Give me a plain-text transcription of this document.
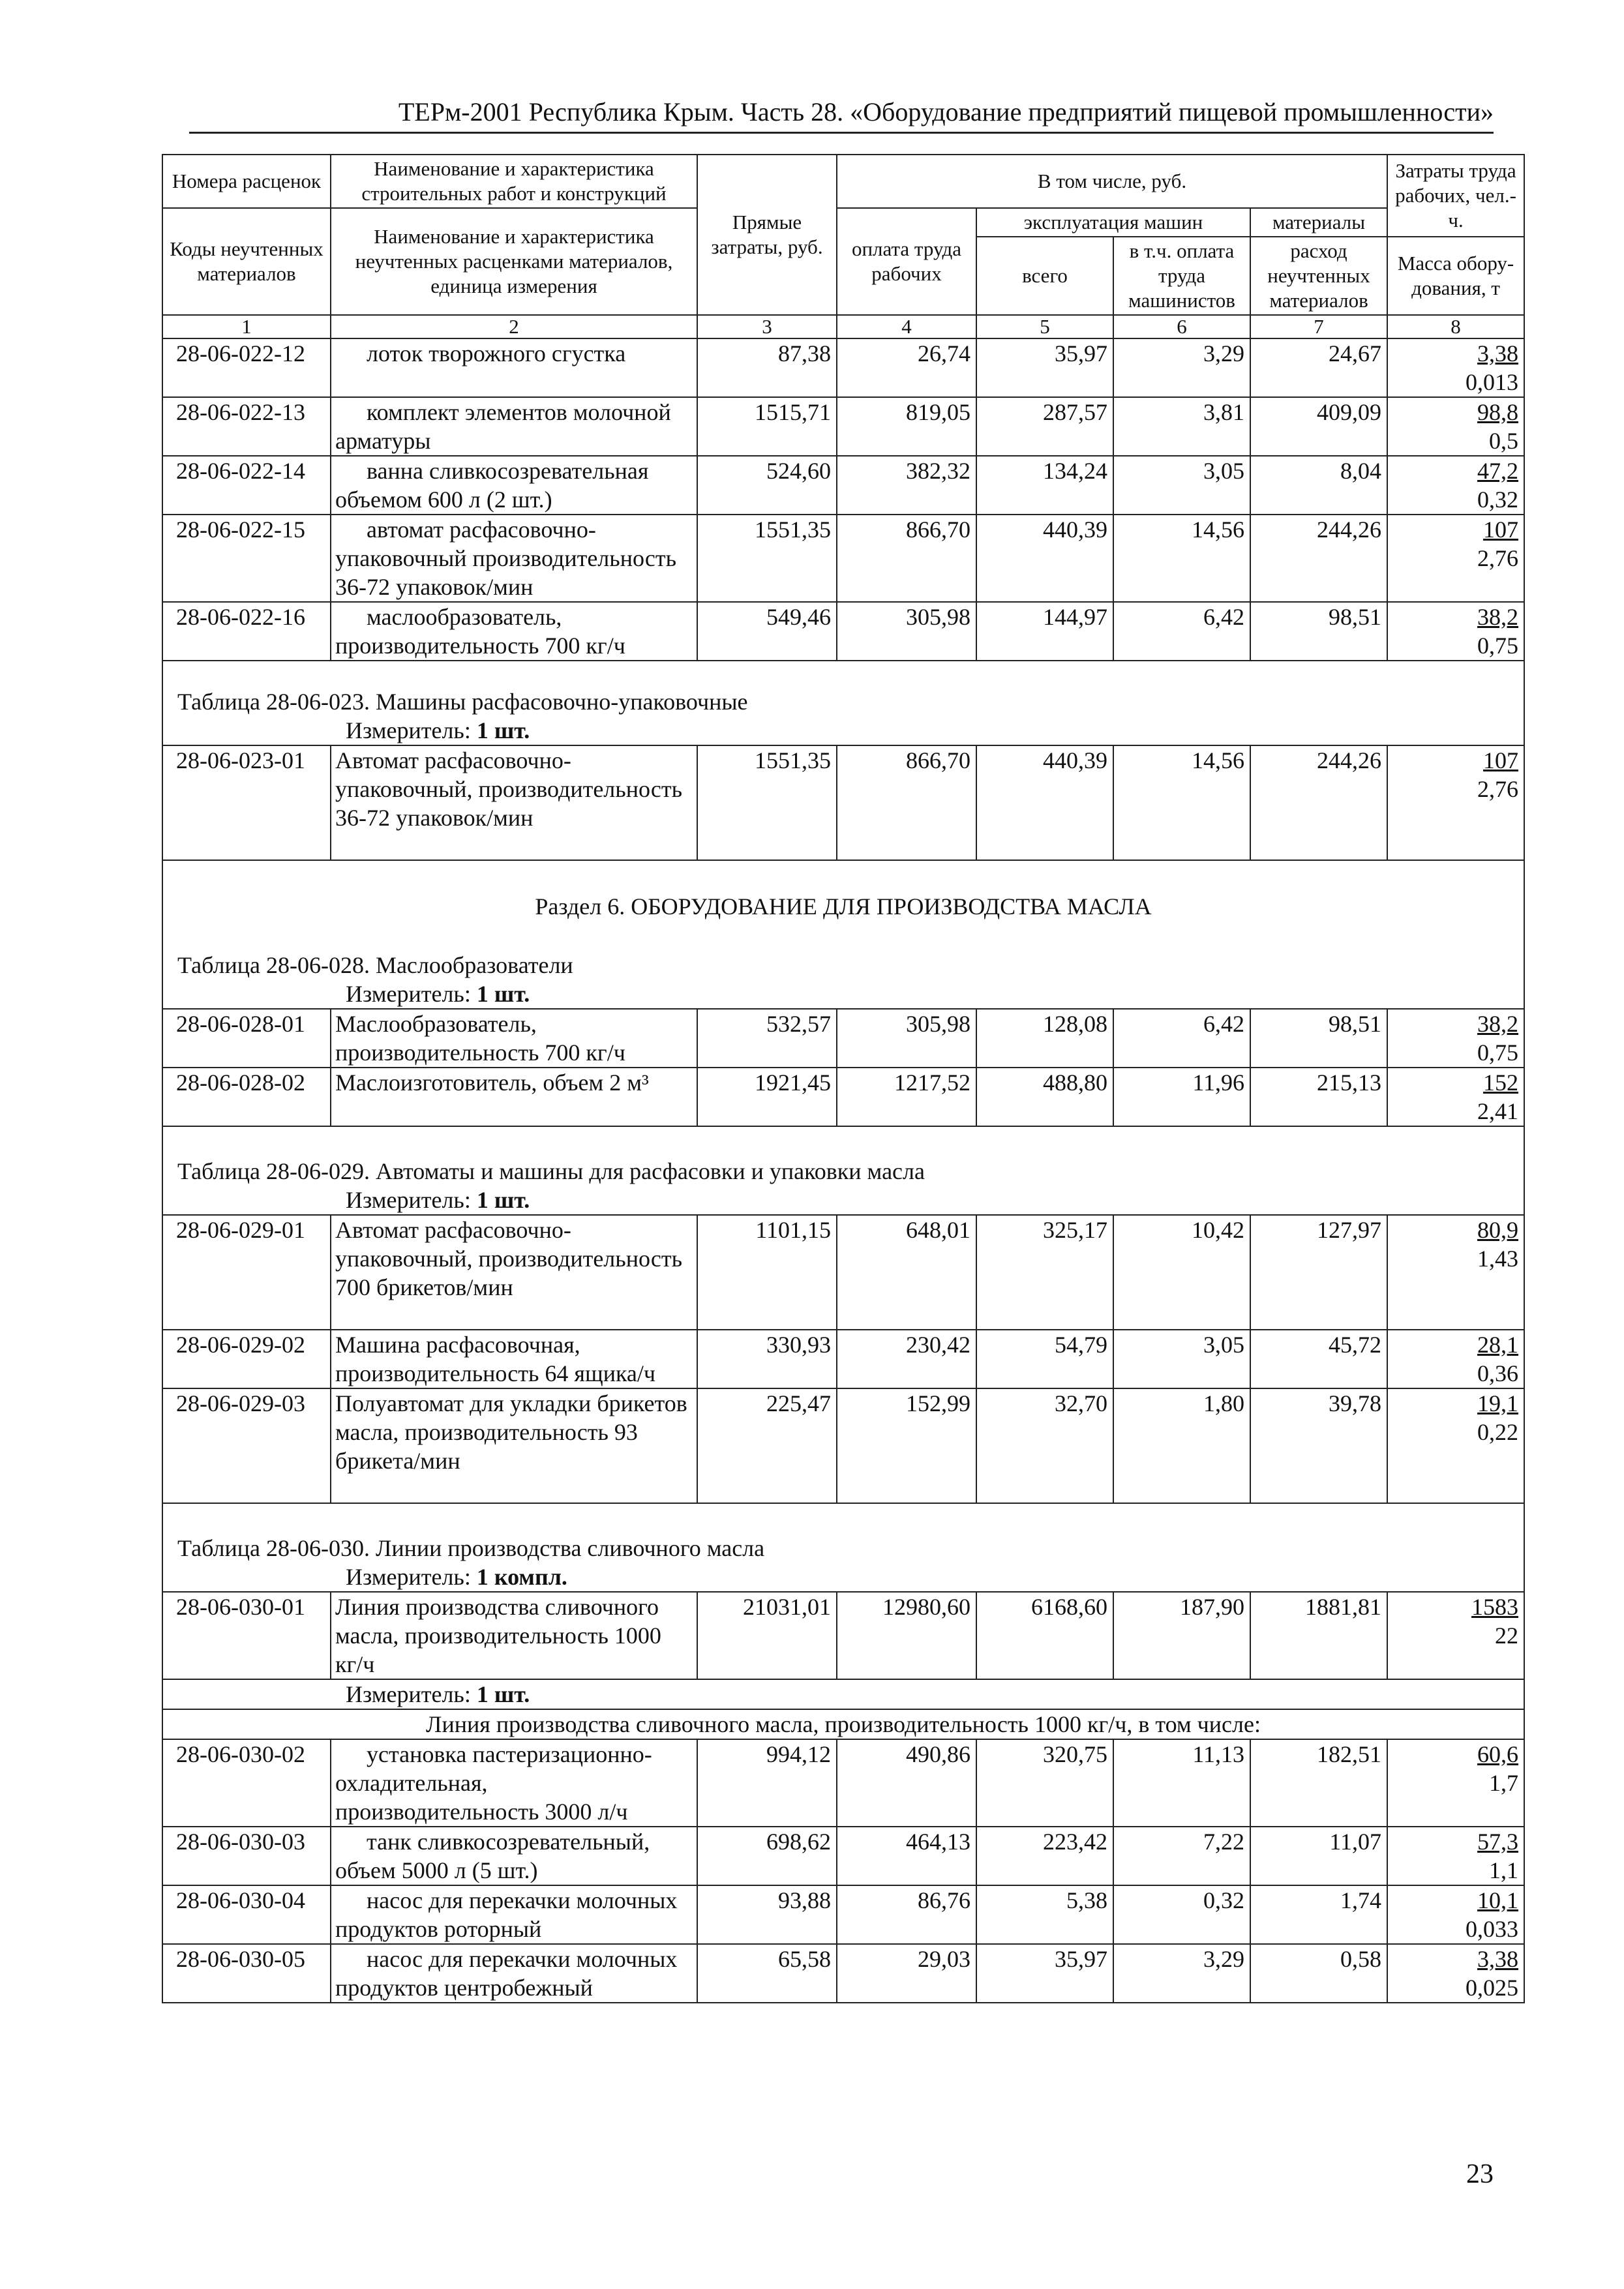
ТЕРм-2001 Республика Крым. Часть 28. «Оборудование предприятий пищевой промышленности»
Номера расценок	Наименование и характеристика строительных работ и конструкций	Прямые затраты, руб.	В том числе, руб.				Затраты труда рабочих, чел.-ч.
Коды неучтенных материалов	Наименование и характеристика неучтенных расценками материалов, единица измерения		оплата труда рабочих	эксплуатация машин		материалы	
				всего	в т.ч. оплата труда машинистов	расход неучтенных материалов	Масса обору-дования, т
1	2	3	4	5	6	7	8
28-06-022-12	лоток творожного сгустка	87,38	26,74	35,97	3,29	24,67	3,38
0,013

28-06-022-13	комплект элементов молочной арматуры	1515,71	819,05	287,57	3,81	409,09	98,8
0,5

28-06-022-14	ванна сливкосозревательная объемом 600 л (2 шт.)	524,60	382,32	134,24	3,05	8,04	47,2
0,32

28-06-022-15	автомат расфасовочно-упаковочный производительность 36-72 упаковок/мин	1551,35	866,70	440,39	14,56	244,26	107
2,76

28-06-022-16	маслообразователь, производительность 700 кг/ч	549,46	305,98	144,97	6,42	98,51	38,2
0,75

Таблица 28-06-023. Машины расфасовочно-упаковочные							
Измеритель: 1 шт.							
28-06-023-01	Автомат расфасовочно-упаковочный, производительность 36-72 упаковок/мин	1551,35	866,70	440,39	14,56	244,26	107
2,76

Раздел 6. ОБОРУДОВАНИЕ ДЛЯ ПРОИЗВОДСТВА МАСЛА							

Таблица 28-06-028. Маслообразователи							
Измеритель: 1 шт.							
28-06-028-01	Маслообразователь, производительность 700 кг/ч	532,57	305,98	128,08	6,42	98,51	38,2
0,75

28-06-028-02	Маслоизготовитель, объем 2 м³	1921,45	1217,52	488,80	11,96	215,13	152
2,41

Таблица 28-06-029. Автоматы и машины для расфасовки и упаковки масла							
Измеритель: 1 шт.							
28-06-029-01	Автомат расфасовочно-упаковочный, производительность 700 брикетов/мин	1101,15	648,01	325,17	10,42	127,97	80,9
1,43

28-06-029-02	Машина расфасовочная, производительность 64 ящика/ч	330,93	230,42	54,79	3,05	45,72	28,1
0,36

28-06-029-03	Полуавтомат для укладки брикетов масла, производительность 93 брикета/мин	225,47	152,99	32,70	1,80	39,78	19,1
0,22

Таблица 28-06-030. Линии производства сливочного масла							
Измеритель: 1 компл.							
28-06-030-01	Линия производства сливочного масла, производительность 1000 кг/ч	21031,01	12980,60	6168,60	187,90	1881,81	1583
22

Измеритель: 1 шт.							
Линия производства сливочного масла, производительность 1000 кг/ч, в том числе:							
28-06-030-02	установка пастеризационно-охладительная, производительность 3000 л/ч	994,12	490,86	320,75	11,13	182,51	60,6
1,7

28-06-030-03	танк сливкосозревательный, объем 5000 л (5 шт.)	698,62	464,13	223,42	7,22	11,07	57,3
1,1

28-06-030-04	насос для перекачки молочных продуктов роторный	93,88	86,76	5,38	0,32	1,74	10,1
0,033

28-06-030-05	насос для перекачки молочных продуктов центробежный	65,58	29,03	35,97	3,29	0,58	3,38
0,025
23
